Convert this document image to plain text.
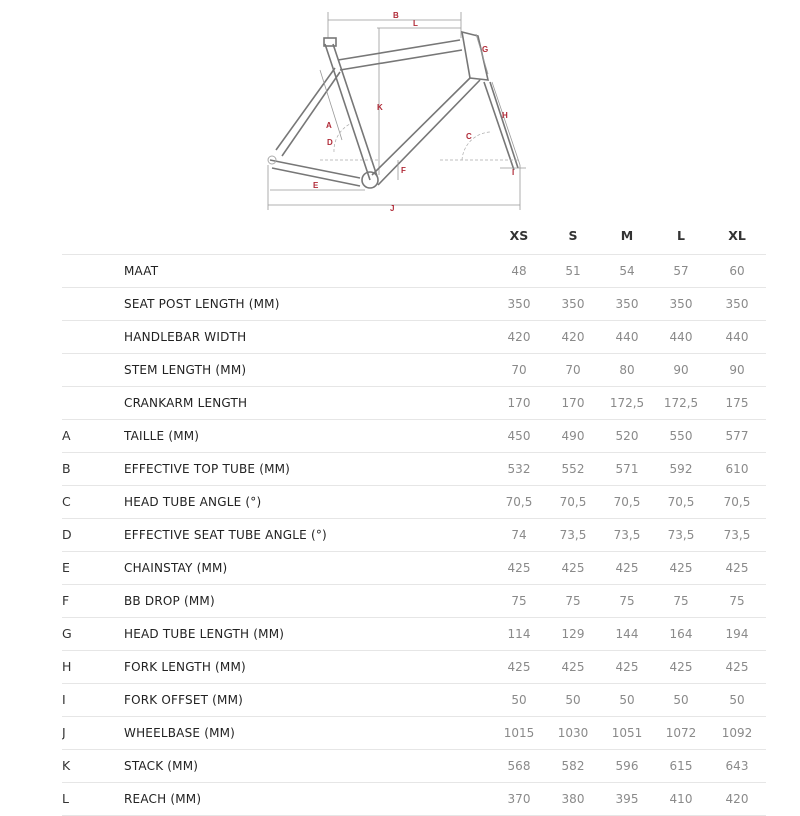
B
L
K
G
H
I
C
A
D
F
E
J
		XS	S	M	L	XL
	MAAT	48	51	54	57	60
	SEAT POST LENGTH (MM)	350	350	350	350	350
	HANDLEBAR WIDTH	420	420	440	440	440
	STEM LENGTH (MM)	70	70	80	90	90
	CRANKARM LENGTH	170	170	172,5	172,5	175
A	TAILLE (MM)	450	490	520	550	577
B	EFFECTIVE TOP TUBE (MM)	532	552	571	592	610
C	HEAD TUBE ANGLE (°)	70,5	70,5	70,5	70,5	70,5
D	EFFECTIVE SEAT TUBE ANGLE (°)	74	73,5	73,5	73,5	73,5
E	CHAINSTAY (MM)	425	425	425	425	425
F	BB DROP (MM)	75	75	75	75	75
G	HEAD TUBE LENGTH (MM)	114	129	144	164	194
H	FORK LENGTH (MM)	425	425	425	425	425
I	FORK OFFSET (MM)	50	50	50	50	50
J	WHEELBASE (MM)	1015	1030	1051	1072	1092
K	STACK (MM)	568	582	596	615	643
L	REACH (MM)	370	380	395	410	420
